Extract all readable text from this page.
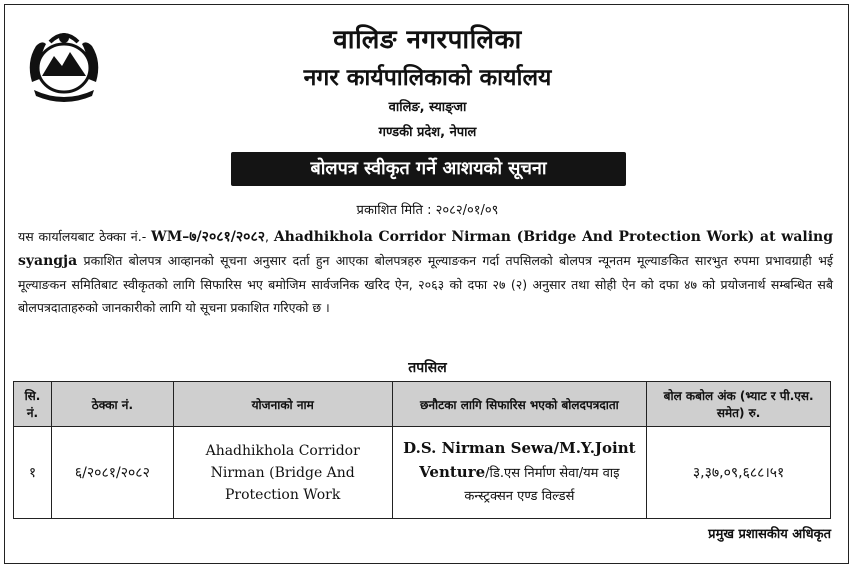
वालिङ नगरपालिका
नगर कार्यपालिकाको कार्यालय
वालिङ, स्याङ्जा
गण्डकी प्रदेश, नेपाल
बोलपत्र स्वीकृत गर्ने आशयको सूचना
प्रकाशित मिति : २०८२/०१/०९
यस कार्यालयबाट ठेक्का नं.- WM–७/२०८१/२०८२, Ahadhikhola Corridor Nirman (Bridge And Protection Work) at waling syangja प्रकाशित बोलपत्र आव्हानको सूचना अनुसार दर्ता हुन आएका बोलपत्रहरु मूल्याङकन गर्दा तपसिलको बोलपत्र न्यूनतम मूल्याङकित सारभुत रुपमा प्रभावग्राही भई मूल्याङकन समितिबाट स्वीकृतको लागि सिफारिस भए बमोजिम सार्वजनिक खरिद ऐन, २०६३ को दफा २७ (२) अनुसार तथा सोही ऐन को दफा ४७ को प्रयोजनार्थ सम्बन्धित सबै बोलपत्रदाताहरुको जानकारीको लागि यो सूचना प्रकाशित गरिएको छ ।
तपसिल
सि. नं.	ठेक्का नं.	योजनाको नाम	छनौटका लागि सिफारिस भएको बोलदपत्रदाता	बोल कबोल अंक (भ्याट र पी.एस. समेत) रु.
१	६/२०८१/२०८२	Ahadhikhola Corridor Nirman (Bridge And Protection Work	D.S. Nirman Sewa/M.Y.Joint Venture/डि.एस निर्माण सेवा/यम वाइ कन्स्ट्रक्सन एण्ड विल्डर्स	३,३७,०९,६८८।५१
प्रमुख प्रशासकीय अधिकृत
